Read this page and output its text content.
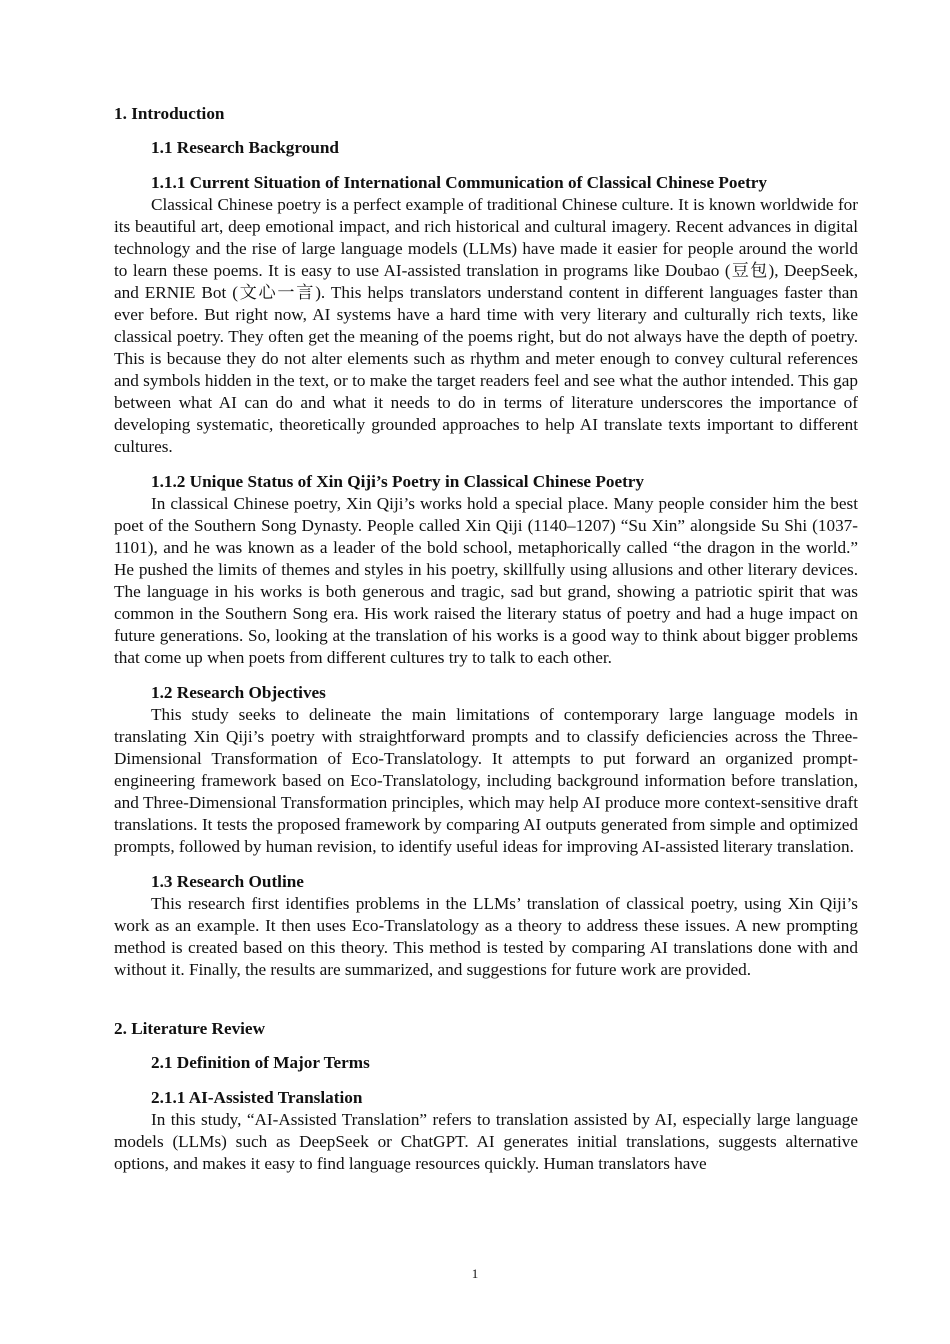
1. Introduction
1.1 Research Background
1.1.1 Current Situation of International Communication of Classical Chinese Poetry
Classical Chinese poetry is a perfect example of traditional Chinese culture. It is known worldwide for its beautiful art, deep emotional impact, and rich historical and cultural imagery. Recent advances in digital technology and the rise of large language models (LLMs) have made it easier for people around the world to learn these poems. It is easy to use AI-assisted translation in programs like Doubao (豆包), DeepSeek, and ERNIE Bot (文心一言). This helps translators understand content in different languages faster than ever before. But right now, AI systems have a hard time with very literary and culturally rich texts, like classical poetry. They often get the meaning of the poems right, but do not always have the depth of poetry. This is because they do not alter elements such as rhythm and meter enough to convey cultural references and symbols hidden in the text, or to make the target readers feel and see what the author intended. This gap between what AI can do and what it needs to do in terms of literature underscores the importance of developing systematic, theoretically grounded approaches to help AI translate texts important to different cultures.
1.1.2 Unique Status of Xin Qiji’s Poetry in Classical Chinese Poetry
In classical Chinese poetry, Xin Qiji’s works hold a special place. Many people consider him the best poet of the Southern Song Dynasty. People called Xin Qiji (1140–1207) “Su Xin” alongside Su Shi (1037-1101), and he was known as a leader of the bold school, metaphorically called “the dragon in the world.” He pushed the limits of themes and styles in his poetry, skillfully using allusions and other literary devices. The language in his works is both generous and tragic, sad but grand, showing a patriotic spirit that was common in the Southern Song era. His work raised the literary status of poetry and had a huge impact on future generations. So, looking at the translation of his works is a good way to think about bigger problems that come up when poets from different cultures try to talk to each other.
1.2 Research Objectives
This study seeks to delineate the main limitations of contemporary large language models in translating Xin Qiji’s poetry with straightforward prompts and to classify deficiencies across the Three-Dimensional Transformation of Eco-Translatology. It attempts to put forward an organized prompt-engineering framework based on Eco-Translatology, including background information before translation, and Three-Dimensional Transformation principles, which may help AI produce more context-sensitive draft translations. It tests the proposed framework by comparing AI outputs generated from simple and optimized prompts, followed by human revision, to identify useful ideas for improving AI-assisted literary translation.
1.3 Research Outline
This research first identifies problems in the LLMs’ translation of classical poetry, using Xin Qiji’s work as an example. It then uses Eco-Translatology as a theory to address these issues. A new prompting method is created based on this theory. This method is tested by comparing AI translations done with and without it. Finally, the results are summarized, and suggestions for future work are provided.
2. Literature Review
2.1 Definition of Major Terms
2.1.1 AI-Assisted Translation
In this study, “AI-Assisted Translation” refers to translation assisted by AI, especially large language models (LLMs) such as DeepSeek or ChatGPT. AI generates initial translations, suggests alternative options, and makes it easy to find language resources quickly. Human translators have
1
